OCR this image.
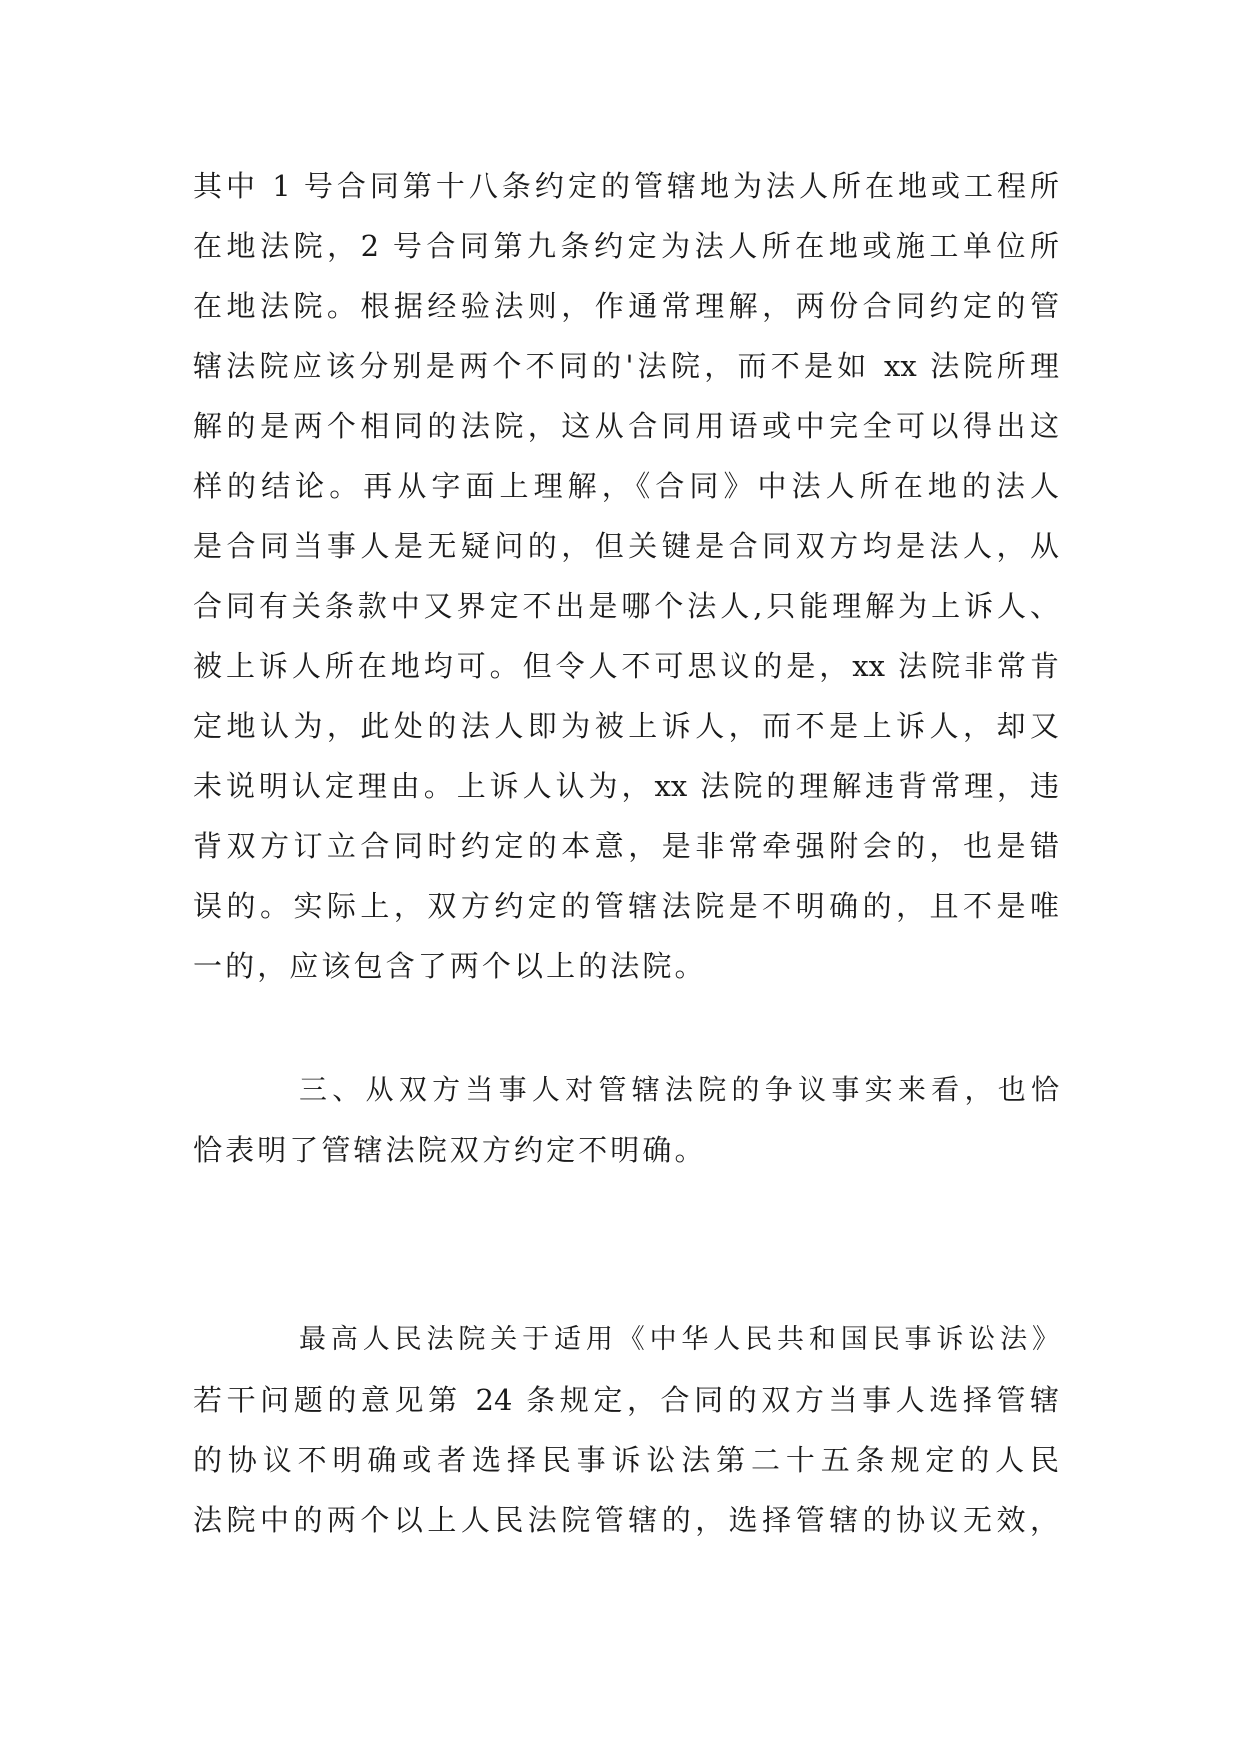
其中 1 号合同第十八条约定的管辖地为法人所在地或工程所
在地法院，2 号合同第九条约定为法人所在地或施工单位所
在地法院。根据经验法则，作通常理解，两份合同约定的管
辖法院应该分别是两个不同的'法院，而不是如 xx 法院所理
解的是两个相同的法院，这从合同用语或中完全可以得出这
样的结论。再从字面上理解，《合同》中法人所在地的法人
是合同当事人是无疑问的，但关键是合同双方均是法人，从
合同有关条款中又界定不出是哪个法人,只能理解为上诉人、
被上诉人所在地均可。但令人不可思议的是，xx 法院非常肯
定地认为，此处的法人即为被上诉人，而不是上诉人，却又
未说明认定理由。上诉人认为，xx 法院的理解违背常理，违
背双方订立合同时约定的本意，是非常牵强附会的，也是错
误的。实际上，双方约定的管辖法院是不明确的，且不是唯
一的，应该包含了两个以上的法院。
三、从双方当事人对管辖法院的争议事实来看，也恰
恰表明了管辖法院双方约定不明确。
最高人民法院关于适用《中华人民共和国民事诉讼法》
若干问题的意见第 24 条规定，合同的双方当事人选择管辖
的协议不明确或者选择民事诉讼法第二十五条规定的人民
法院中的两个以上人民法院管辖的，选择管辖的协议无效，
